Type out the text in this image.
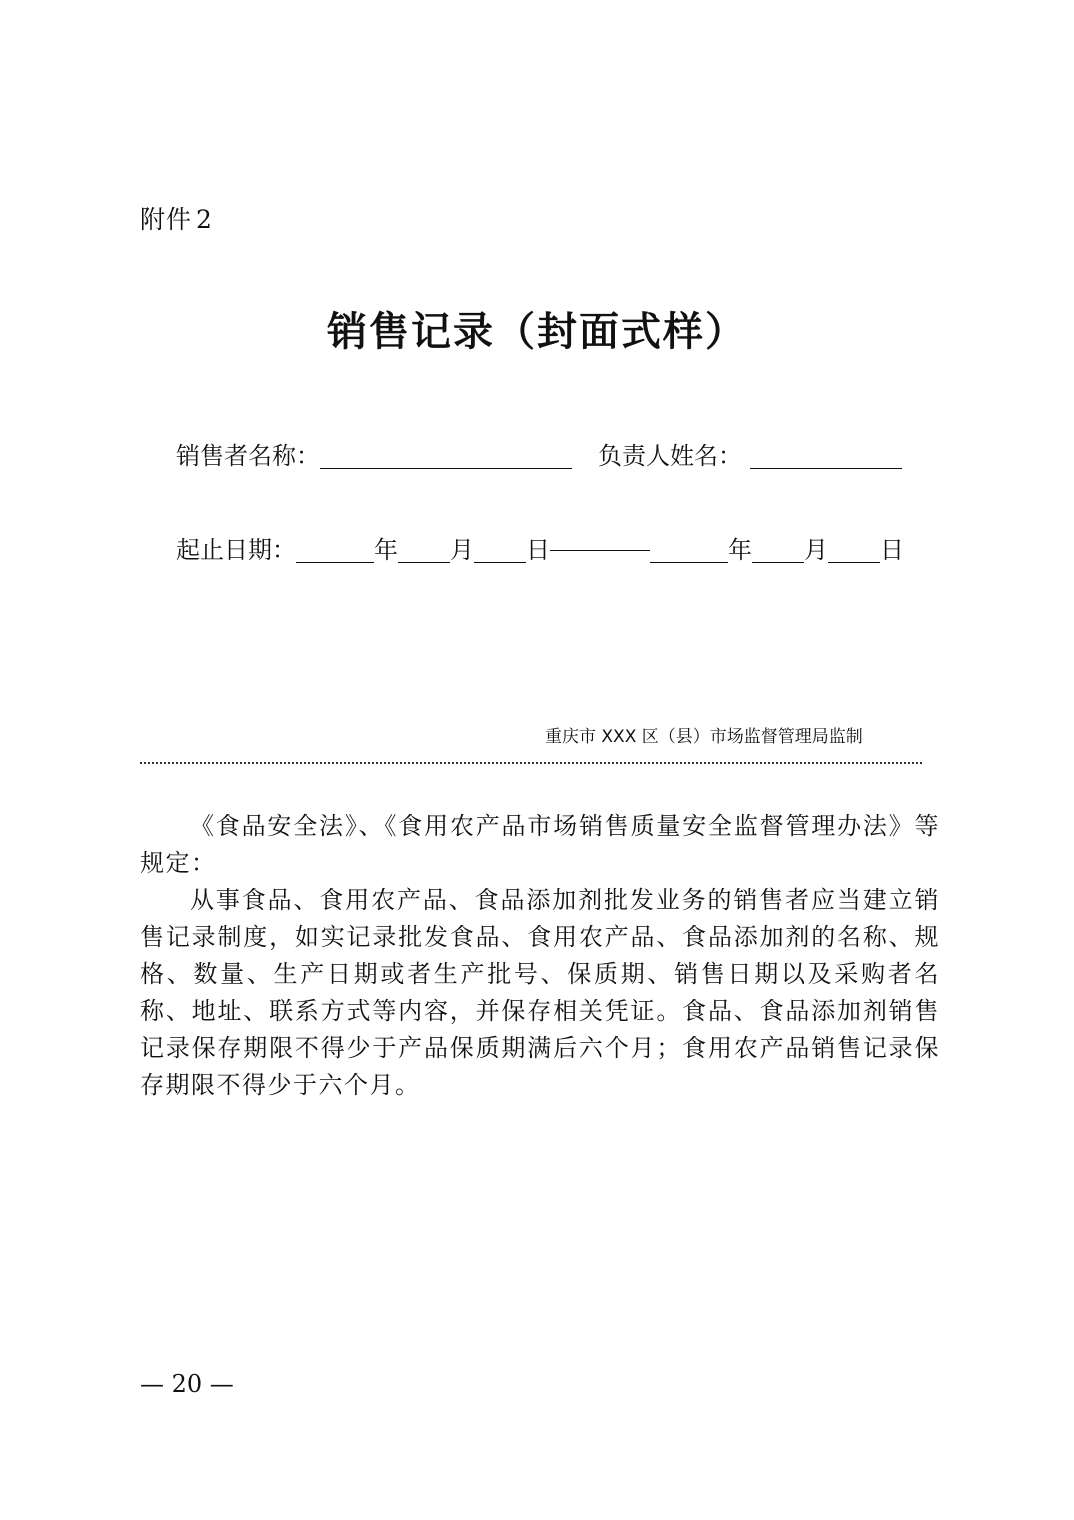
附件 2
销售记录（封面式样）
销售者名称：	负责人姓名：
起止日期：	年 月 日	年 月 日
重庆市 XXX 区（县）市场监督管理局监制

《食品安全法》、《食用农产品市场销售质量安全监督管理办法》等规定：

从事食品、食用农产品、食品添加剂批发业务的销售者应当建立销售记录制度，如实记录批发食品、食用农产品、食品添加剂的名称、规格、数量、生产日期或者生产批号、保质期、销售日期以及采购者名称、地址、联系方式等内容，并保存相关凭证。食品、食品添加剂销售记录保存期限不得少于产品保质期满后六个月；食用农产品销售记录保存期限不得少于六个月。

— 20 —
